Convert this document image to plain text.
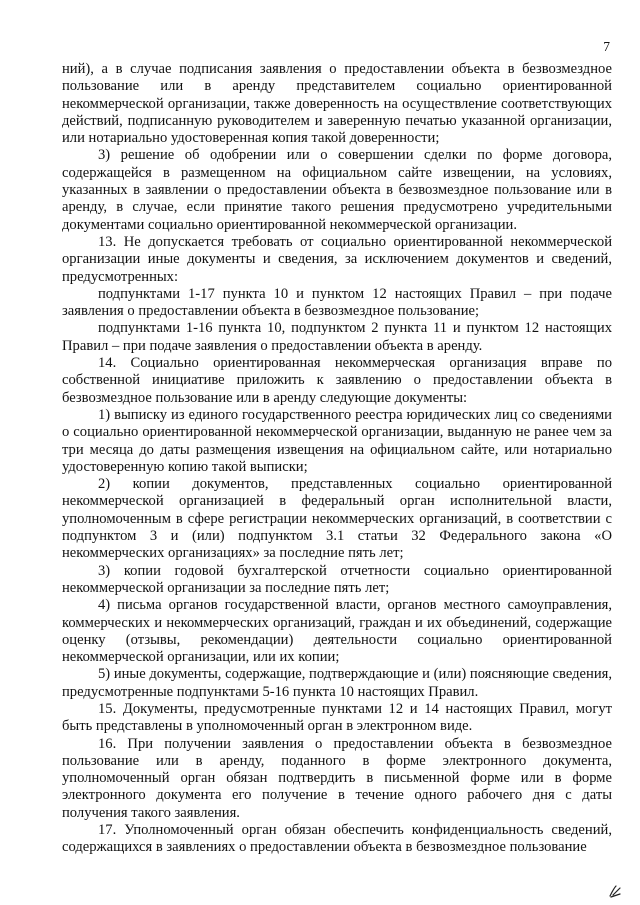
7

ний), а в случае подписания заявления о предоставлении объекта в безвозмездное пользование или в аренду представителем социально ориентированной некоммерческой организации, также доверенность на осуществление соответствующих действий, подписанную руководителем и заверенную печатью указанной организации, или нотариально удостоверенная копия такой доверенности;

3) решение об одобрении или о совершении сделки по форме договора, содержащейся в размещенном на официальном сайте извещении, на условиях, указанных в заявлении о предоставлении объекта в безвозмездное пользование или в аренду, в случае, если принятие такого решения предусмотрено учредительными документами социально ориентированной некоммерческой организации.

13. Не допускается требовать от социально ориентированной некоммерческой организации иные документы и сведения, за исключением документов и сведений, предусмотренных:

подпунктами 1-17 пункта 10 и пунктом 12 настоящих Правил – при подаче заявления о предоставлении объекта в безвозмездное пользование;

подпунктами 1-16 пункта 10, подпунктом 2 пункта 11 и пунктом 12 настоящих Правил – при подаче заявления о предоставлении объекта в аренду.

14. Социально ориентированная некоммерческая организация вправе по собственной инициативе приложить к заявлению о предоставлении объекта в безвозмездное пользование или в аренду следующие документы:

1) выписку из единого государственного реестра юридических лиц со сведениями о социально ориентированной некоммерческой организации, выданную не ранее чем за три месяца до даты размещения извещения на официальном сайте, или нотариально удостоверенную копию такой выписки;

2) копии документов, представленных социально ориентированной некоммерческой организацией в федеральный орган исполнительной власти, уполномоченным в сфере регистрации некоммерческих организаций, в соответствии с подпунктом 3 и (или) подпунктом 3.1 статьи 32 Федерального закона «О некоммерческих организациях» за последние пять лет;

3) копии годовой бухгалтерской отчетности социально ориентированной некоммерческой организации за последние пять лет;

4) письма органов государственной власти, органов местного самоуправления, коммерческих и некоммерческих организаций, граждан и их объединений, содержащие оценку (отзывы, рекомендации) деятельности социально ориентированной некоммерческой организации, или их копии;

5) иные документы, содержащие, подтверждающие и (или) поясняющие сведения, предусмотренные подпунктами 5-16 пункта 10 настоящих Правил.

15. Документы, предусмотренные пунктами 12 и 14 настоящих Правил, могут быть представлены в уполномоченный орган в электронном виде.

16. При получении заявления о предоставлении объекта в безвозмездное пользование или в аренду, поданного в форме электронного документа, уполномоченный орган обязан подтвердить в письменной форме или в форме электронного документа его получение в течение одного рабочего дня с даты получения такого заявления.

17. Уполномоченный орган обязан обеспечить конфиденциальность сведений, содержащихся в заявлениях о предоставлении объекта в безвозмездное пользование
